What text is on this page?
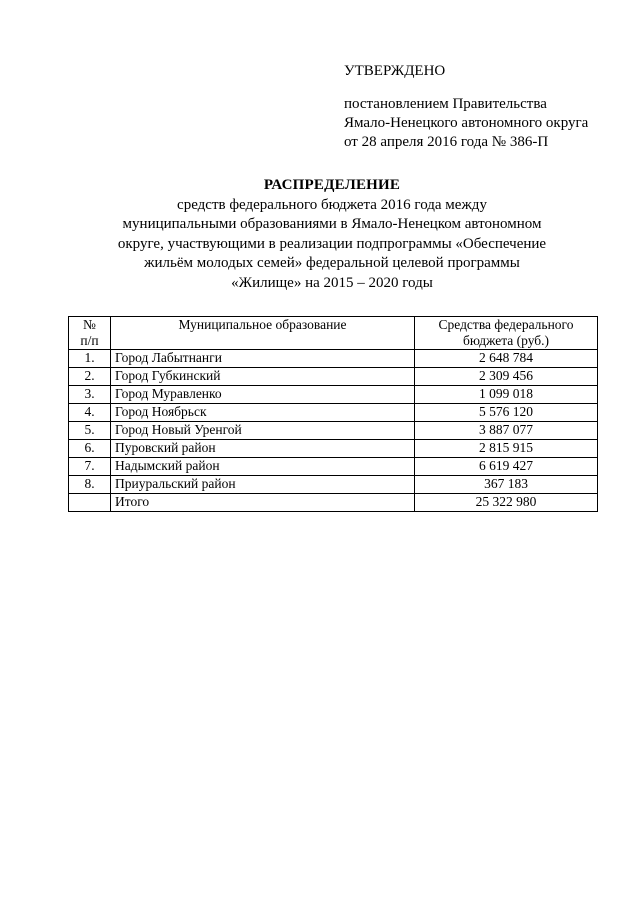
УТВЕРЖДЕНО
постановлением Правительства
Ямало-Ненецкого автономного округа
от 28 апреля 2016 года № 386-П
РАСПРЕДЕЛЕНИЕ
средств федерального бюджета 2016 года между
муниципальными образованиями в Ямало-Ненецком автономном
округе, участвующими в реализации подпрограммы «Обеспечение
жильём молодых семей» федеральной целевой программы
«Жилище» на 2015 – 2020 годы
№
п/п	Муниципальное образование	Средства федерального
бюджета (руб.)

1.	Город Лабытнанги	2 648 784
2.	Город Губкинский	2 309 456
3.	Город Муравленко	1 099 018
4.	Город Ноябрьск	5 576 120
5.	Город Новый Уренгой	3 887 077
6.	Пуровский район	2 815 915
7.	Надымский район	6 619 427
8.	Приуральский район	367 183
	Итого	25 322 980
